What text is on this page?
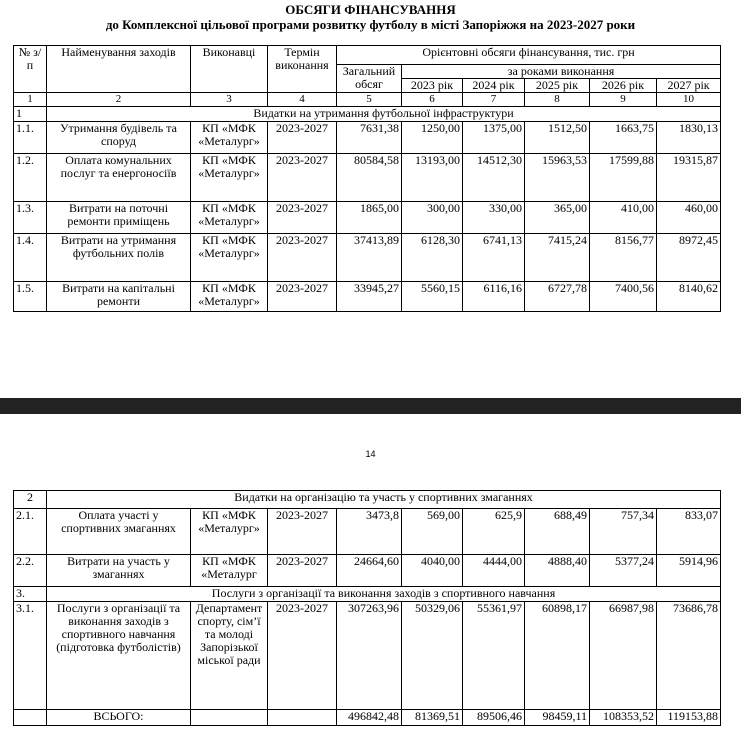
ОБСЯГИ ФІНАНСУВАННЯ
до Комплексної цільової програми розвитку футболу в місті Запоріжжя на 2023-2027 роки
№ з/п	Найменування заходів	Виконавці	Термін виконання	Орієнтовні обсяги фінансування, тис. грн					
				Загальний обсяг	за роками виконання				
					2023 рік	2024 рік	2025 рік	2026 рік	2027 рік
1	2	3	4	5	6	7	8	9	10
1	Видатки на утримання футбольної інфраструктури								
1.1.	Утримання будівель та споруд	КП «МФК «Металург»	2023-2027	7631,38	1250,00	1375,00	1512,50	1663,75	1830,13
1.2.	Оплата комунальних послуг та енергоносіїв	КП «МФК «Металург»	2023-2027	80584,58	13193,00	14512,30	15963,53	17599,88	19315,87
1.3.	Витрати на поточні ремонти приміщень	КП «МФК «Металург»	2023-2027	1865,00	300,00	330,00	365,00	410,00	460,00
1.4.	Витрати на утримання футбольних полів	КП «МФК «Металург»	2023-2027	37413,89	6128,30	6741,13	7415,24	8156,77	8972,45
1.5.	Витрати на капітальні ремонти	КП «МФК «Металург»	2023-2027	33945,27	5560,15	6116,16	6727,78	7400,56	8140,62
14
2	Видатки на організацію та участь у спортивних змаганнях								
2.1.	Оплата участі у спортивних змаганнях	КП «МФК «Металург»	2023-2027	3473,8	569,00	625,9	688,49	757,34	833,07
2.2.	Витрати на участь у змаганнях	КП «МФК «Металург	2023-2027	24664,60	4040,00	4444,00	4888,40	5377,24	5914,96
3.	Послуги з організації та виконання заходів з спортивного навчання								
3.1.	Послуги з організації та виконання заходів з спортивного навчання (підготовка футболістів)	Департамент спорту, сім’ї та молоді Запорізької міської ради	2023-2027	307263,96	50329,06	55361,97	60898,17	66987,98	73686,78
	ВСЬОГО:			496842,48	81369,51	89506,46	98459,11	108353,52	119153,88
